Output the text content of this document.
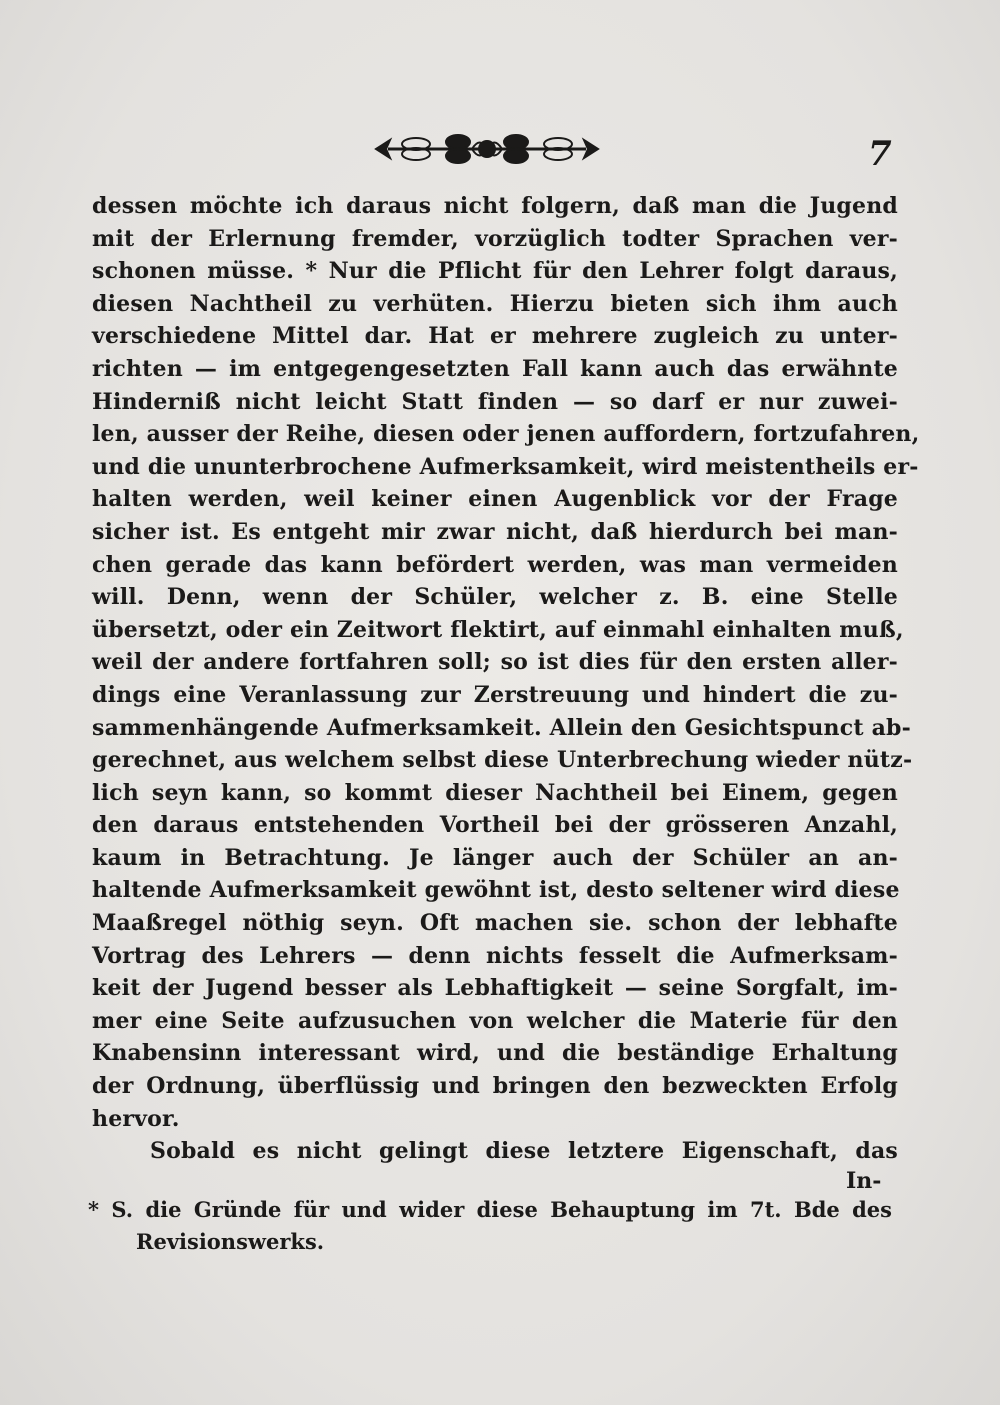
7
dessen möchte ich daraus nicht folgern, daß man die Jugend
mit der Erlernung fremder, vorzüglich todter Sprachen ver-
schonen müsse. * Nur die Pflicht für den Lehrer folgt daraus,
diesen Nachtheil zu verhüten. Hierzu bieten sich ihm auch
verschiedene Mittel dar. Hat er mehrere zugleich zu unter-
richten — im entgegengesetzten Fall kann auch das erwähnte
Hinderniß nicht leicht Statt finden — so darf er nur zuwei-
len, ausser der Reihe, diesen oder jenen auffordern, fortzufahren,
und die ununterbrochene Aufmerksamkeit, wird meistentheils er-
halten werden, weil keiner einen Augenblick vor der Frage
sicher ist. Es entgeht mir zwar nicht, daß hierdurch bei man-
chen gerade das kann befördert werden, was man vermeiden
will. Denn, wenn der Schüler, welcher z. B. eine Stelle
übersetzt, oder ein Zeitwort flektirt, auf einmahl einhalten muß,
weil der andere fortfahren soll; so ist dies für den ersten aller-
dings eine Veranlassung zur Zerstreuung und hindert die zu-
sammenhängende Aufmerksamkeit. Allein den Gesichtspunct ab-
gerechnet, aus welchem selbst diese Unterbrechung wieder nütz-
lich seyn kann, so kommt dieser Nachtheil bei Einem, gegen
den daraus entstehenden Vortheil bei der grösseren Anzahl,
kaum in Betrachtung. Je länger auch der Schüler an an-
haltende Aufmerksamkeit gewöhnt ist, desto seltener wird diese
Maaßregel nöthig seyn. Oft machen sie. schon der lebhafte
Vortrag des Lehrers — denn nichts fesselt die Aufmerksam-
keit der Jugend besser als Lebhaftigkeit — seine Sorgfalt, im-
mer eine Seite aufzusuchen von welcher die Materie für den
Knabensinn interessant wird, und die beständige Erhaltung
der Ordnung, überflüssig und bringen den bezweckten Erfolg
hervor.
Sobald es nicht gelingt diese letztere Eigenschaft, das
In-
* S. die Gründe für und wider diese Behauptung im 7t. Bde des
Revisionswerks.
